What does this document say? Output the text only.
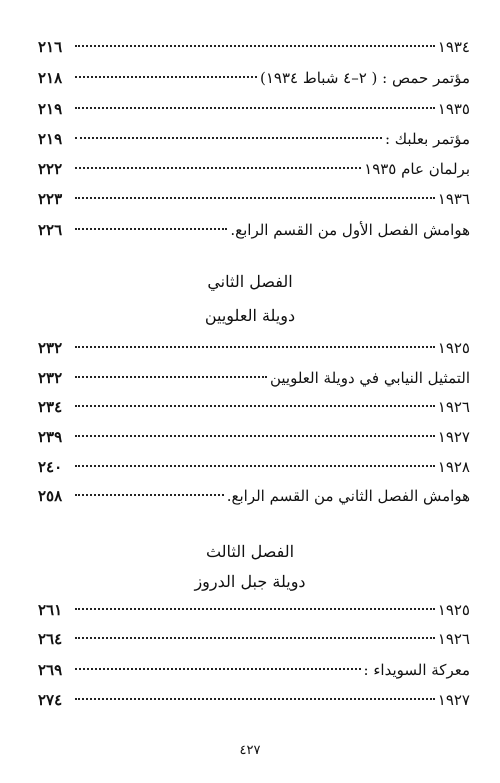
١٩٣٤
٢١٦
مؤتمر حمص : ( ٢–٤ شباط ١٩٣٤)
٢١٨
١٩٣٥
٢١٩
مؤتمر بعلبك :
٢١٩
برلمان عام ١٩٣٥
٢٢٢
١٩٣٦
٢٢٣
هوامش الفصل الأول من القسم الرابع.
٢٢٦
الفصل الثاني
دويلة العلويين
١٩٢٥
٢٣٢
التمثيل النيابي في دويلة العلويين
٢٣٢
١٩٢٦
٢٣٤
١٩٢٧
٢٣٩
١٩٢٨
٢٤٠
هوامش الفصل الثاني من القسم الرابع.
٢٥٨
الفصل الثالث
دويلة جبل الدروز
١٩٢٥
٢٦١
١٩٢٦
٢٦٤
معركة السويداء :
٢٦٩
١٩٢٧
٢٧٤
٤٢٧
